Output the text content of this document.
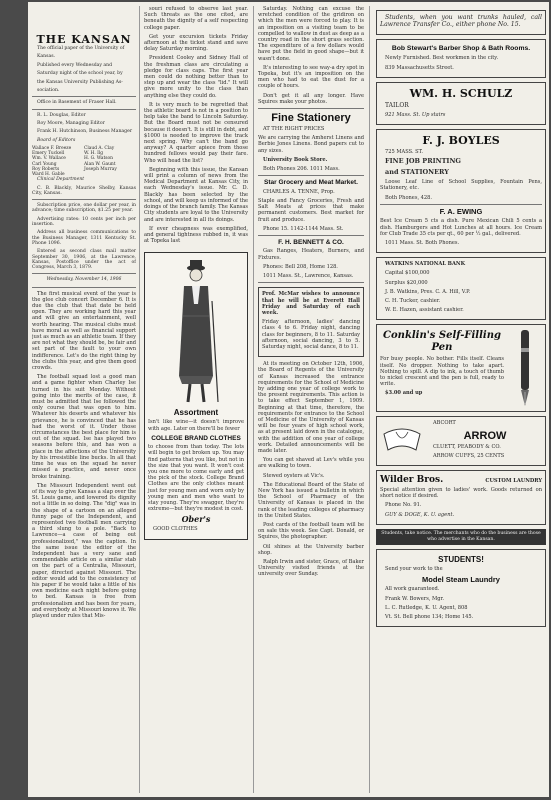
THE KANSAN

The official paper of the University of

Kansas.

Published every Wednesday and

Saturday night of the school year, by

the Kansas University Publishing As-

sociation.

Office in Basement of Fraser Hall.

R. L. Douglas, Editor

Roy Moore, Managing Editor

Frank H. Hutchinson, Business Manager

Board of Editors

Wallace F. Breeze	Claud A. Clay
Emery Tuckell	W. H. Ilg
Wm. V. Wallace	H. G. Watson
Carl Young	Alan W. Gaunt
Roy Roberts	Joseph Murray
Ward H. Gable

Clinical Department

C. B. Blackly, Maurice Shelby, Kansas City, Kansas.

Subscription price, one dollar per year, in advance; time subscription, $1.25 per year.

Advertising rates: 10 cents per inch per insertion.

Address all business communications to the Business Manager, 1311 Kentucky St. Phone 1096.

Entered as second class mail matter September 30, 1906, at the Lawrence, Kansas, Postoffice under the act of Congress, March 3, 1879.

Wednesday, November 14, 1906

The first musical event of the year is the glee club concert December 6. It is due the club that that date be held open. They are working hard this year and will give an entertainment, well worth hearing. The musical clubs must have moral as well as financial support just as much as an athletic team. If they are not what they should be, be fair and set part of the fault to your own indifference. Let's do the right thing by the clubs this year, and give them good crowds.

The football squad lost a good man and a game fighter when Charley Ise turned in his suit Monday. Without going into the merits of the case, it must be admitted that Ise followed the only course that was open to him. Whatever his deserts and whatever his grievance, he is convinced that he has had the worst of it. Under those circumstances the best place for him is out of the squad. Ise has played two seasons before this, and has won a place in the affections of the University by his irresistible line bucks. In all that time he was on the squad he never missed a practice, and never once broke training.

The Missouri Independent went out of its way to give Kansas a slap over the St. Louis game, and lowered its dignity not a little in so doing. The "dig" was in the shape of a cartoon on an alleged funny page of the Independent, and represented two football men carrying a third slung to a pole. "Back to Lawrence—a case of being out professionalized," was the caption. In the same issue the editor of the Independent has a very sane and commendable article on a similar stab on the part of a Centralia, Missouri, paper, directed against Missouri. The editor would add to the consistency of his paper if he would take a little of his own medicine each night before going to bed. Kansas is free from professionalism and has been for years, and everybody at Missouri knows it. We played under rules that Mis-

souri refused to observe last year. Such threats as the one cited, are beneath the dignity of a self respecting college paper.

Get your excursion tickets Friday afternoon at the ticket stand and save delay Saturday morning.

President Cooley and Sidney Hall of the freshman class are circulating a pledge for class caps. The first year men could do nothing better than to step up and wear the class "lid." It will give more unity to the class than anything else they could do.

It is very much to be regretted that the athletic board is not in a position to help take the band to Lincoln Saturday. But the Board must not be censured because it doesn't. It is still in debt, and $1000 is needed to improve the track next spring. Why can't the band go anyway? A quarter apiece from those hundred fellows would pay their fare. Who will head the list?

Beginning with this issue, the Kansan will print a column of news from the Medical Department at Kansas City, in each Wednesday's issue. Mr. C. D. Blackly has been selected by the school, and will keep us informed of the doings of the branch family. The Kansas City students are loyal to the University and are interested in all its doings.

If ever cheapness was exemplified, and general tightness rubbed in, it was at Topeka last

Assortment

Isn't like wine—it doesn't improve with age. Later on there'll be fewer

COLLEGE BRAND CLOTHES

to choose from than today. The lots will begin to get broken up. You may find patterns that you like, but not in the size that you want. It won't cost you one more to come early and get the pick of the stock. College Brand Clothes are the only clothes meant just for young men and worn only by young men and men who want to stay young. They're swagger, they're extreme—but they're modest in cost.

Ober's

GOOD CLOTHES

Saturday. Nothing can excuse the wretched condition of the gridiron on which the men were forced to play. It is an imposition on a visiting team to be compelled to wallow in dust as deep as a country road in the short grass section. The expenditure of a few dollars would have put the field in good shape—but it wasn't done.

It's interesting to see way-a dry spot in Topeka, but it's an imposition on the men who had to eat the dust for a couple of hours.

Don't get it all any longer. Have Squires make your photos.

Fine Stationery

AT THE RIGHT PRICES

We are carrying the Amherst Linens and Berbie Jones Linens. Bond papers cut to any sizes.

University Book Store.

Both Phones 206. 1011 Mass.

Star Grocery and Meat Market.

CHARLES A. TENNE, Prop.

Staple and Fancy Groceries, Fresh and Salt Meats at prices that make permanent customers. Best market for fruit and produce.

Phone 15. 1142-1144 Mass. St.

F. H. BENNETT & CO.

Gas Ranges, Heaters, Burners, and Fixtures.

Phones: Bell 208, Home 128.

1011 Mass. St., Lawrence, Kansas.

Prof. McMar wishes to announce that he will be at Everett Hall Friday and Saturday of each week.

Friday afternoon, ladies' dancing class 4 to 6. Friday night, dancing class for beginners, 8 to 11. Saturday afternoon, social dancing, 3 to 5. Saturday night, social dance, 8 to 11.

At its meeting on October 12th, 1906, the Board of Regents of the University of Kansas increased the entrance requirements for the School of Medicine by adding one year of college work to the present requirements. This action is to take effect September 1, 1909. Beginning at that time, therefore, the requirements for entrance to the School of Medicine of the University of Kansas will be four years of high school work, as at present laid down in the catalogue, with the addition of one year of college work. Detailed announcements will be made later.

You can get shaved at Lev's while you are walking to town.

Stewed oysters at Vic's.

The Educational Board of the State of New York has issued a bulletin in which the School of Pharmacy of the University of Kansas is placed in the rank of the leading colleges of pharmacy in the United States.

Post cards of the football team will be on sale this week. See Capt. Donald, or Squires, the photographer.

Oil shines at the University barber shop.

Ralph Irwin and sister, Grace, of Baker University visited friends at the university over Sunday.

Students, when you want trunks hauled, call Lawrence Transfer Co., either phone No. 15.

Bob Stewart's Barber Shop & Bath Rooms.

Newly Furnished. Best workmen in the city.

839 Massachusetts Street.

WM. H. SCHULZ

TAILOR

921 Mass. St. Up stairs

F. J. BOYLES

725 MASS. ST.

FINE JOB PRINTING

and STATIONERY

Loose Leaf Line of School Supplies, Fountain Pens, Stationery, etc.

Both Phones, 428.

F. A. EWING

Best Ice Cream 5 cts a dish. Pure Mexican Chili 5 cents a dish. Hamburgers and Hot Lunches at all hours. Ice Cream for Club Trade 35 cts per qt., 60 per ½ gal., delivered.

1011 Mass. St. Both Phones.

WATKINS NATIONAL BANK

Capital $100,000

Surplus $20,000

J. B. Watkins, Pres. C. A. Hill, V.P.

C. H. Tucker, cashier.

W. E. Hazen, assistant cashier.

Conklin's Self-Filling Pen

For busy people. No bother. Fills itself. Cleans itself. No dropper. Nothing to take apart. Nothing to spill. A dip to ink, a touch of thumb to nickel crescent and the pen is full, ready to write.

$3.00 and up

ABCORT

ARROW

CLUETT, PEABODY & CO.

ARROW CUFFS, 25 CENTS

Wilder Bros.	CUSTOM LAUNDRY

Special attention given to ladies' work. Goods returned on short notice if desired.

Phone No. 91.

GUY & DOGE, K. U. agent.

Students, take notice. The merchants who do the business are those who advertise in the Kansan.
STUDENTS!

Send your work to the

Model Steam Laundry

All work guaranteed.

Frank W. Bowers, Mgr.

L. C. Rutledge, K. U. Agent, 808

Vt. St. Bell phone 134; Home 145.
